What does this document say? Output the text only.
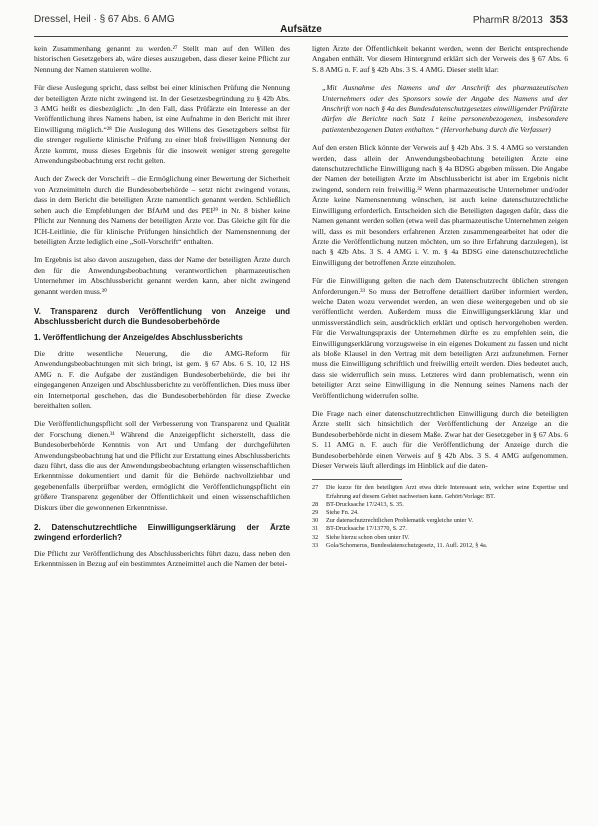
Dressel, Heil · § 67 Abs. 6 AMG
Aufsätze
PharmR 8/2013 353

kein Zusammenhang genannt zu werden.²⁷ Stellt man auf den Willen des historischen Gesetzgebers ab, wäre dieses auszugeben, dass dieser keine Pflicht zur Nennung der Namen statuieren wollte.

Für diese Auslegung spricht, dass selbst bei einer klinischen Prüfung die Nennung der beteiligten Ärzte nicht zwingend ist. In der Gesetzesbegründung zu § 42b Abs. 3 AMG heißt es diesbezüglich: „In den Fall, dass Prüfärzte ein Interesse an der Veröffentlichung ihres Namens haben, ist eine Aufnahme in den Bericht mit ihrer Einwilligung möglich.“²⁸ Die Auslegung des Willens des Gesetzgebers selbst für die strenger regulierte klinische Prüfung zu einer bloß freiwilligen Nennung der Ärzte kommt, muss dieses Ergebnis für die insoweit weniger streng geregelte Anwendungsbeobachtung erst recht gelten.

Auch der Zweck der Vorschrift – die Ermöglichung einer Bewertung der Sicherheit von Arzneimitteln durch die Bundesoberbehörde – setzt nicht zwingend voraus, dass in dem Bericht die beteiligten Ärzte namentlich genannt werden. Schließlich sehen auch die Empfehlungen der BfArM und des PEI²⁹ in Nr. 8 bisher keine Pflicht zur Nennung des Namens der beteiligten Ärzte vor. Das Gleiche gilt für die ICH-Leitlinie, die für klinische Prüfungen hinsichtlich der Namensnennung der beteiligten Ärzte lediglich eine „Soll-Vorschrift“ enthalten.

Im Ergebnis ist also davon auszugehen, dass der Name der beteiligten Ärzte durch den für die Anwendungsbeobachtung verantwortlichen pharmazeutischen Unternehmer im Abschlussbericht genannt werden kann, aber nicht zwingend genannt werden muss.³⁰

V. Transparenz durch Veröffentlichung von Anzeige und Abschlussbericht durch die Bundesoberbehörde
1. Veröffentlichung der Anzeige/des Abschlussberichts

Die dritte wesentliche Neuerung, die die AMG-Reform für Anwendungsbeobachtungen mit sich bringt, ist gem. § 67 Abs. 6 S. 10, 12 HS AMG n. F. die Aufgabe der zuständigen Bundesoberbehörde, die bei ihr eingegangenen Anzeigen und Abschlussberichte zu veröffentlichen. Dies muss über ein Internetportal geschehen, das die Bundesoberbehörden für diese Zwecke bereithalten sollen.

Die Veröffentlichungspflicht soll der Verbesserung von Transparenz und Qualität der Forschung dienen.³¹ Während die Anzeigepflicht sicherstellt, dass die Bundesoberbehörde Kenntnis von Art und Umfang der durchgeführten Anwendungsbeobachtung hat und die Pflicht zur Erstattung eines Abschlussberichts dazu führt, dass die aus der Anwendungsbeobachtung erlangten wissenschaftlichen Erkenntnisse dokumentiert und damit für die Behörde nachvollziehbar und gegebenenfalls überprüfbar werden, ermöglicht die Veröffentlichungspflicht ein größere Transparenz gegenüber der Öffentlichkeit und einen wissenschaftlichen Diskurs über die gewonnenen Erkenntnisse.

2. Datenschutzrechtliche Einwilligungserklärung der Ärzte zwingend erforderlich?

Die Pflicht zur Veröffentlichung des Abschlussberichts führt dazu, dass neben den Erkenntnissen in Bezug auf ein bestimmtes Arzneimittel auch die Namen der betei-

ligten Ärzte der Öffentlichkeit bekannt werden, wenn der Bericht entsprechende Angaben enthält. Vor diesem Hintergrund erklärt sich der Verweis des § 67 Abs. 6 S. 8 AMG n. F. auf § 42b Abs. 3 S. 4 AMG. Dieser stellt klar:

„Mit Ausnahme des Namens und der Anschrift des pharmazeutischen Unternehmers oder des Sponsors sowie der Angabe des Namens und der Anschrift von nach § 4a des Bundesdatenschutzgesetzes einwilligender Prüfärzte dürfen die Berichte nach Satz 1 keine personenbezogenen, insbesondere patientenbezogenen Daten enthalten.“ (Hervorhebung durch die Verfasser)

Auf den ersten Blick könnte der Verweis auf § 42b Abs. 3 S. 4 AMG so verstanden werden, dass allein der Anwendungsbeobachtung beteiligten Ärzte eine datenschutzrechtliche Einwilligung nach § 4a BDSG abgeben müssen. Die Angabe der Namen der beteiligten Ärzte im Abschlussbericht ist aber im Ergebnis nicht zwingend, sondern rein freiwillig.³² Wenn pharmazeutische Unternehmer und/oder Ärzte keine Namensnennung wünschen, ist auch keine datenschutzrechtliche Einwilligung erforderlich. Entscheiden sich die Beteiligten dagegen dafür, dass die Namen genannt werden sollen (etwa weil das pharmazeutische Unternehmen zeigen will, dass es mit besonders erfahrenen Ärzten zusammengearbeitet hat oder die Ärzte die Veröffentlichung nutzen möchten, um so ihre Erfahrung darzulegen), ist nach § 42b Abs. 3 S. 4 AMG i. V. m. § 4a BDSG eine datenschutzrechtliche Einwilligung der betroffenen Ärzte einzuholen.

Für die Einwilligung gelten die nach dem Datenschutzrecht üblichen strengen Anforderungen.³³ So muss der Betroffene detailliert darüber informiert werden, welche Daten wozu verwendet werden, an wen diese weitergegeben und ob sie veröffentlicht werden. Außerdem muss die Einwilligungserklärung klar und unmissverständlich sein, ausdrücklich erklärt und optisch hervorgehoben werden. Für die Verwaltungspraxis der Unternehmen dürfte es zu empfehlen sein, die Einwilligungserklärung vorzugsweise in ein eigenes Dokument zu fassen und nicht als bloße Klausel in den Vertrag mit dem beteiligten Arzt aufzunehmen. Ferner muss die Einwilligung schriftlich und freiwillig erteilt werden. Dies bedeutet auch, dass sie widerruflich sein muss. Letzteres wird dann problematisch, wenn ein beteiligter Arzt seine Einwilligung in die Nennung seines Namens nach der Veröffentlichung widerrufen sollte.

Die Frage nach einer datenschutzrechtlichen Einwilligung durch die beteiligten Ärzte stellt sich hinsichtlich der Veröffentlichung der Anzeige an die Bundesoberbehörde nicht in diesem Maße. Zwar hat der Gesetzgeber in § 67 Abs. 6 S. 11 AMG n. F. auch für die Veröffentlichung der Anzeige durch die Bundesoberbehörde einen Verweis auf § 42b Abs. 3 S. 4 AMG aufgenommen. Dieser Verweis läuft allerdings im Hinblick auf die daten-

27	Die kurze für den beteiligten Arzt etwa dürfe Interessant sein, welcher seine Expertise und Erfahrung auf diesem Gebiet nachweisen kann. Gehört/Vorlage: BT.
28	BT-Drucksache 17/2413, S. 35.
29	Siehe Fn. 24.
30	Zur datenschutzrechtlichen Problematik vergleiche unter V.
31	BT-Drucksache 17/13770, S. 27.
32	Siehe hierzu schon oben unter IV.
33	Gola/Schomerus, Bundesdatenschutzgesetz, 11. Aufl. 2012, § 4a.
